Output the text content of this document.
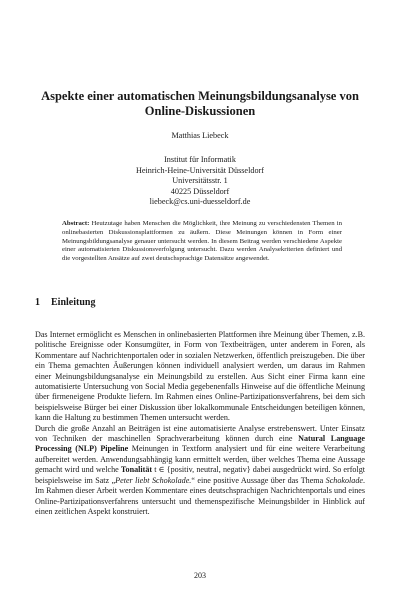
Aspekte einer automatischen Meinungsbildungsanalyse von Online-Diskussionen
Matthias Liebeck
Institut für Informatik
Heinrich-Heine-Universität Düsseldorf
Universitätsstr. 1
40225 Düsseldorf
liebeck@cs.uni-duesseldorf.de
Abstract: Heutzutage haben Menschen die Möglichkeit, ihre Meinung zu verschiedensten Themen in onlinebasierten Diskussionsplattformen zu äußern. Diese Meinungen können in Form einer Meinungsbildungsanalyse genauer untersucht werden. In diesem Beitrag werden verschiedene Aspekte einer automatisierten Diskussionsverfolgung untersucht. Dazu werden Analysekriterien definiert und die vorgestellten Ansätze auf zwei deutschsprachige Datensätze angewendet.
1 Einleitung

Das Internet ermöglicht es Menschen in onlinebasierten Plattformen ihre Meinung über Themen, z.B. politische Ereignisse oder Konsumgüter, in Form von Textbeiträgen, unter anderem in Foren, als Kommentare auf Nachrichtenportalen oder in sozialen Netzwerken, öffentlich preiszugeben. Die über ein Thema gemachten Äußerungen können individuell analysiert werden, um daraus im Rahmen einer Meinungsbildungsanalyse ein Meinungsbild zu erstellen. Aus Sicht einer Firma kann eine automatisierte Untersuchung von Social Media gegebenenfalls Hinweise auf die öffentliche Meinung über firmeneigene Produkte liefern. Im Rahmen eines Online-Partizipationsverfahrens, bei dem sich beispielsweise Bürger bei einer Diskussion über lokalkommunale Entscheidungen beteiligen können, kann die Haltung zu bestimmen Themen untersucht werden.

Durch die große Anzahl an Beiträgen ist eine automatisierte Analyse erstrebenswert. Unter Einsatz von Techniken der maschinellen Sprachverarbeitung können durch eine Natural Language Processing (NLP) Pipeline Meinungen in Textform analysiert und für eine weitere Verarbeitung aufbereitet werden. Anwendungsabhängig kann ermittelt werden, über welches Thema eine Aussage gemacht wird und welche Tonalität t ∈ {positiv, neutral, negativ} dabei ausgedrückt wird. So erfolgt beispielsweise im Satz „Peter liebt Schokolade.“ eine positive Aussage über das Thema Schokolade. Im Rahmen dieser Arbeit werden Kommentare eines deutschsprachigen Nachrichtenportals und eines Online-Partizipationsverfahrens untersucht und themenspezifische Meinungsbilder in Hinblick auf einen zeitlichen Aspekt konstruiert.

203
